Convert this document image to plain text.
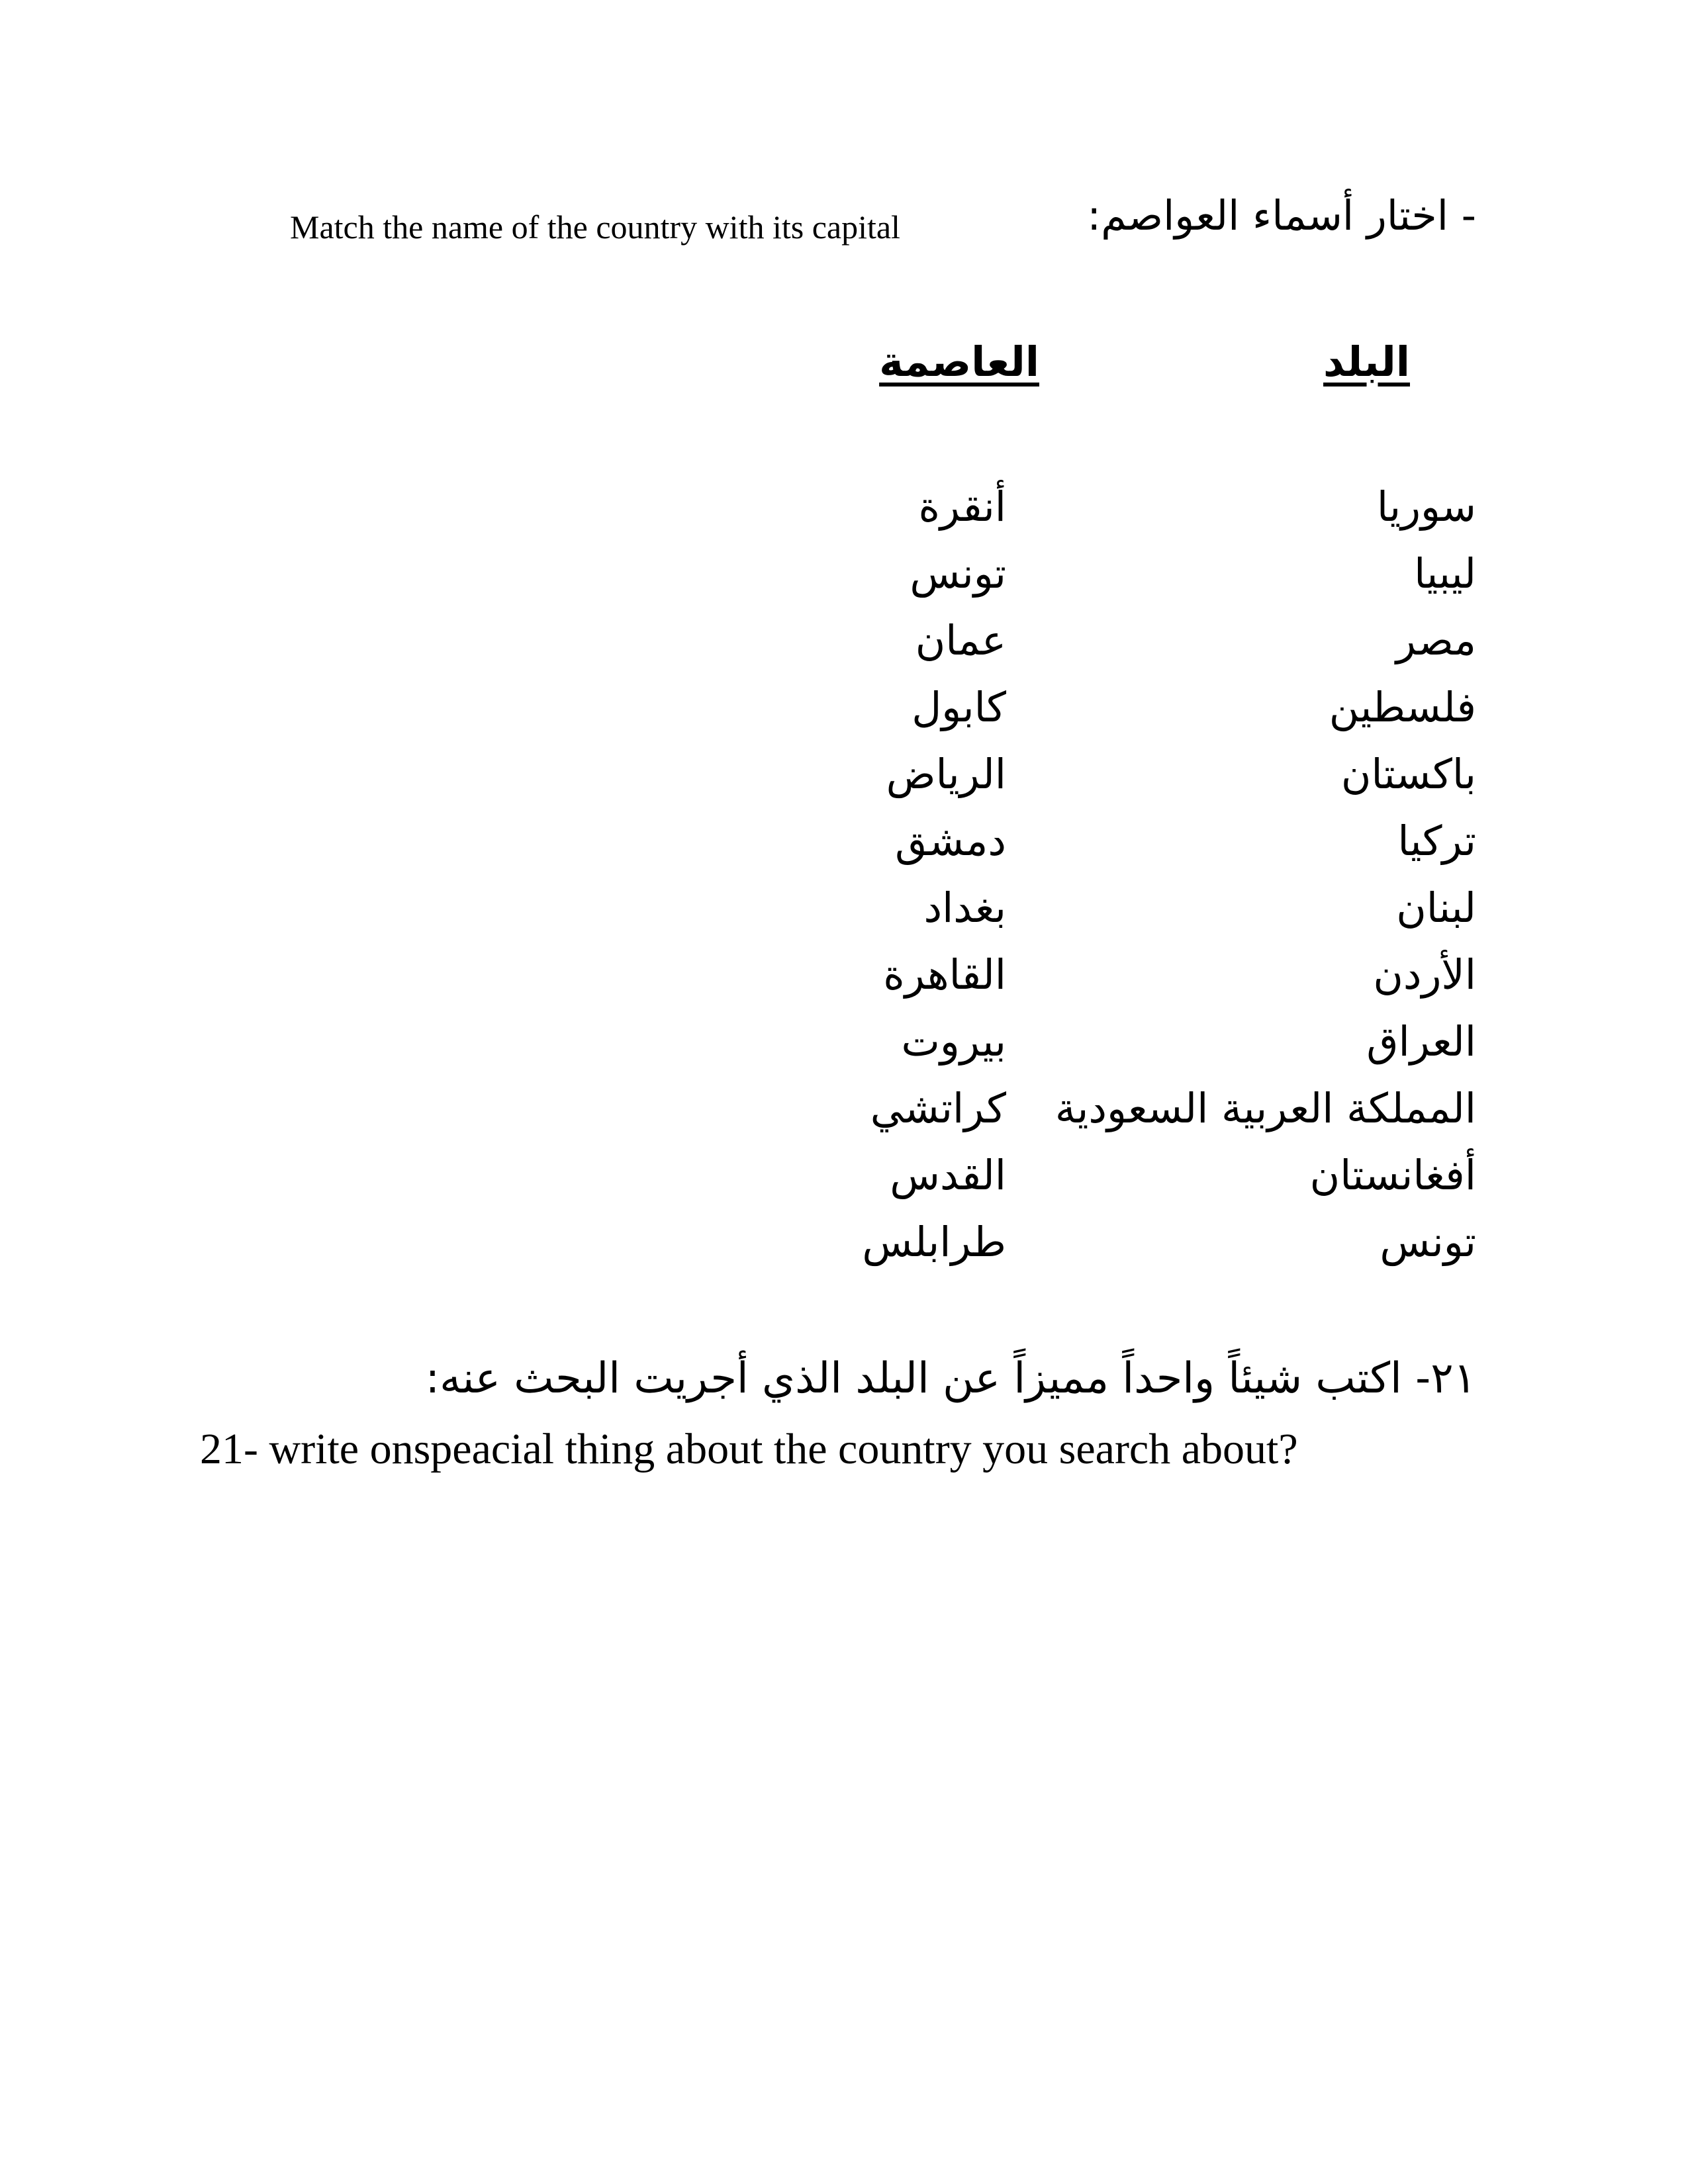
- اختار أسماء العواصم:
Match the name of the country with its capital
البلد
العاصمة
سوريا
ليبيا
مصر
فلسطين
باكستان
تركيا
لبنان
الأردن
العراق
المملكة العربية السعودية
أفغانستان
تونس
أنقرة
تونس
عمان
كابول
الرياض
دمشق
بغداد
القاهرة
بيروت
كراتشي
القدس
طرابلس
٢١- اكتب شيئاً واحداً مميزاً عن البلد الذي أجريت البحث عنه:
21- write onspeacial thing about the country you search about?
